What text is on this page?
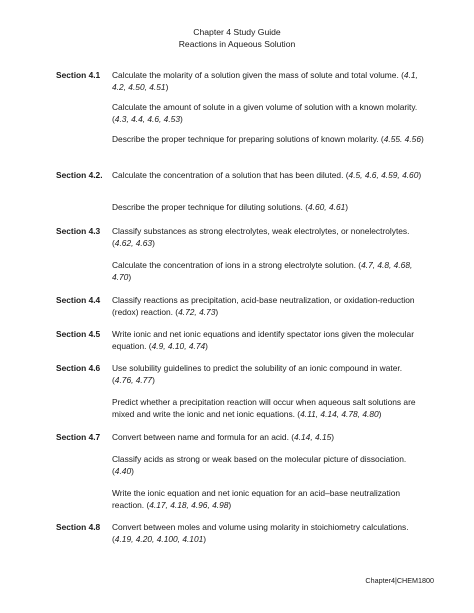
Chapter 4 Study Guide
Reactions in Aqueous Solution
Section 4.1	Calculate the molarity of a solution given the mass of solute and total volume. (4.1, 4.2, 4.50, 4.51)
Calculate the amount of solute in a given volume of solution with a known molarity. (4.3, 4.4, 4.6, 4.53)
Describe the proper technique for preparing solutions of known molarity. (4.55. 4.56)
Section 4.2.	Calculate the concentration of a solution that has been diluted. (4.5, 4.6, 4.59, 4.60)
Describe the proper technique for diluting solutions. (4.60, 4.61)
Section 4.3	Classify substances as strong electrolytes, weak electrolytes, or nonelectrolytes. (4.62, 4.63)
Calculate the concentration of ions in a strong electrolyte solution. (4.7, 4.8, 4.68, 4.70)
Section 4.4	Classify reactions as precipitation, acid-base neutralization, or oxidation-reduction (redox) reaction. (4.72, 4.73)
Section 4.5	Write ionic and net ionic equations and identify spectator ions given the molecular equation. (4.9, 4.10, 4.74)
Section 4.6	Use solubility guidelines to predict the solubility of an ionic compound in water. (4.76, 4.77)
Predict whether a precipitation reaction will occur when aqueous salt solutions are mixed and write the ionic and net ionic equations. (4.11, 4.14, 4.78, 4.80)
Section 4.7	Convert between name and formula for an acid. (4.14, 4.15)
Classify acids as strong or weak based on the molecular picture of dissociation. (4.40)
Write the ionic equation and net ionic equation for an acid–base neutralization reaction. (4.17, 4.18, 4.96, 4.98)
Section 4.8	Convert between moles and volume using molarity in stoichiometry calculations. (4.19, 4.20, 4.100, 4.101)
Chapter4|CHEM1800
